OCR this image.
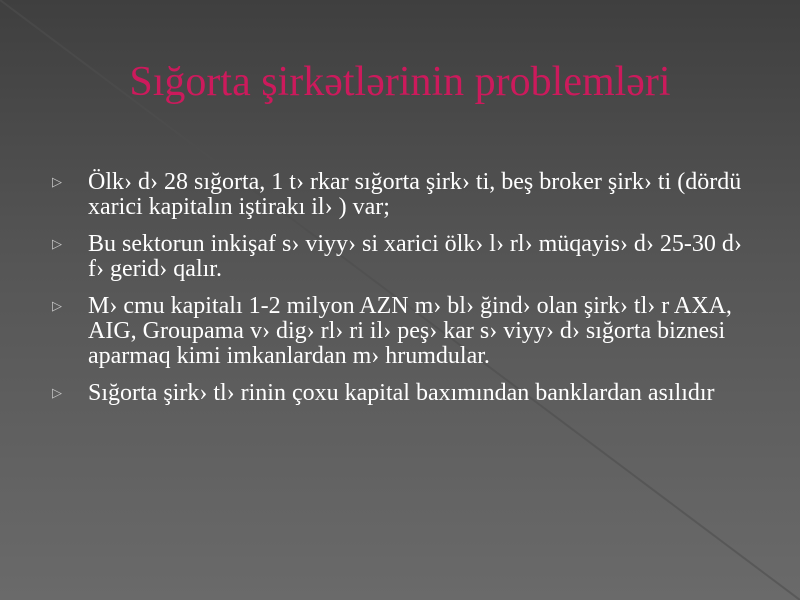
Sığorta şirkətlərinin problemləri
▷ Ölk› d› 28 sığorta, 1 t› rkar sığorta şirk› ti, beş broker şirk› ti (dördü xarici kapitalın iştirakı il› ) var;
▷ Bu sektorun inkişaf s› viyy› si xarici ölk› l› rl› müqayis› d› 25-30 d› f› gerid› qalır.
▷ M› cmu kapitalı 1-2 milyon AZN m› bl› ğind› olan şirk› tl› r AXA, AIG, Groupama v› dig› rl› ri il› peş› kar s› viyy› d› sığorta biznesi aparmaq kimi imkanlardan m› hrumdular.
▷ Sığorta şirk› tl› rinin çoxu kapital baxımından banklardan asılıdır
